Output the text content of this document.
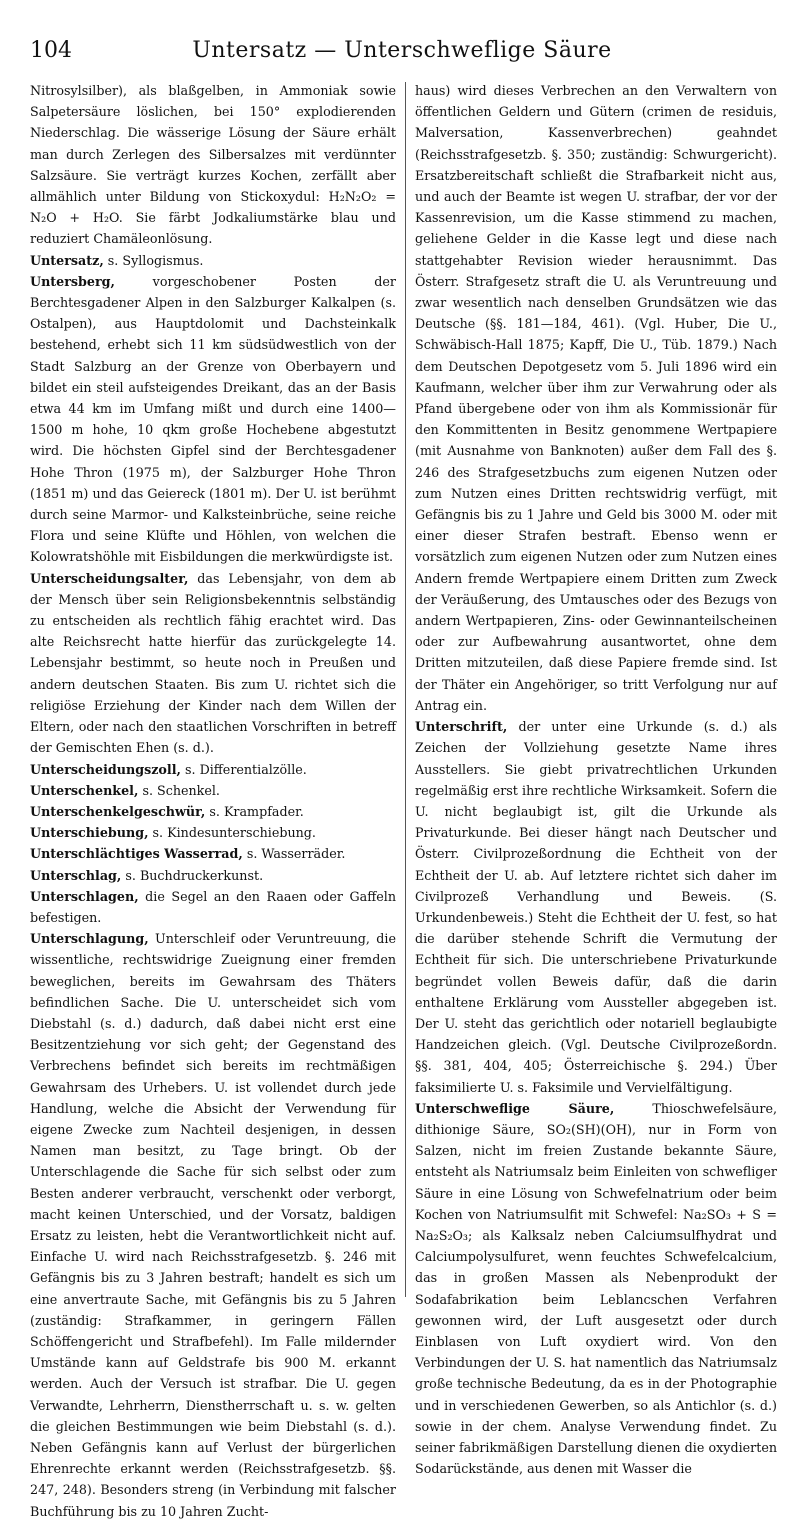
104	Untersatz — Unterschweflige Säure

Nitrosylsilber), als blaßgelben, in Ammoniak sowie Salpetersäure löslichen, bei 150° explodierenden Niederschlag. Die wässerige Lösung der Säure erhält man durch Zerlegen des Silbersalzes mit verdünnter Salzsäure. Sie verträgt kurzes Kochen, zerfällt aber allmählich unter Bildung von Stickoxydul: H₂N₂O₂ = N₂O + H₂O. Sie färbt Jodkaliumstärke blau und reduziert Chamäleonlösung.

Untersatz, s. Syllogismus.

Untersberg, vorgeschobener Posten der Berchtesgadener Alpen in den Salzburger Kalkalpen (s. Ostalpen), aus Hauptdolomit und Dachsteinkalk bestehend, erhebt sich 11 km südsüdwestlich von der Stadt Salzburg an der Grenze von Oberbayern und bildet ein steil aufsteigendes Dreikant, das an der Basis etwa 44 km im Umfang mißt und durch eine 1400—1500 m hohe, 10 qkm große Hochebene abgestutzt wird. Die höchsten Gipfel sind der Berchtesgadener Hohe Thron (1975 m), der Salzburger Hohe Thron (1851 m) und das Geiereck (1801 m). Der U. ist berühmt durch seine Marmor- und Kalksteinbrüche, seine reiche Flora und seine Klüfte und Höhlen, von welchen die Kolowratshöhle mit Eisbildungen die merkwürdigste ist.

Unterscheidungsalter, das Lebensjahr, von dem ab der Mensch über sein Religionsbekenntnis selbständig zu entscheiden als rechtlich fähig erachtet wird. Das alte Reichsrecht hatte hierfür das zurückgelegte 14. Lebensjahr bestimmt, so heute noch in Preußen und andern deutschen Staaten. Bis zum U. richtet sich die religiöse Erziehung der Kinder nach dem Willen der Eltern, oder nach den staatlichen Vorschriften in betreff der Gemischten Ehen (s. d.).

Unterscheidungszoll, s. Differentialzölle.

Unterschenkel, s. Schenkel.

Unterschenkelgeschwür, s. Krampfader.

Unterschiebung, s. Kindesunterschiebung.

Unterschlächtiges Wasserrad, s. Wasserräder.

Unterschlag, s. Buchdruckerkunst.

Unterschlagen, die Segel an den Raaen oder Gaffeln befestigen.

Unterschlagung, Unterschleif oder Veruntreuung, die wissentliche, rechtswidrige Zueignung einer fremden beweglichen, bereits im Gewahrsam des Thäters befindlichen Sache. Die U. unterscheidet sich vom Diebstahl (s. d.) dadurch, daß dabei nicht erst eine Besitzentziehung vor sich geht; der Gegenstand des Verbrechens befindet sich bereits im rechtmäßigen Gewahrsam des Urhebers. U. ist vollendet durch jede Handlung, welche die Absicht der Verwendung für eigene Zwecke zum Nachteil desjenigen, in dessen Namen man besitzt, zu Tage bringt. Ob der Unterschlagende die Sache für sich selbst oder zum Besten anderer verbraucht, verschenkt oder verborgt, macht keinen Unterschied, und der Vorsatz, baldigen Ersatz zu leisten, hebt die Verantwortlichkeit nicht auf. Einfache U. wird nach Reichsstrafgesetzb. §. 246 mit Gefängnis bis zu 3 Jahren bestraft; handelt es sich um eine anvertraute Sache, mit Gefängnis bis zu 5 Jahren (zuständig: Strafkammer, in geringern Fällen Schöffengericht und Strafbefehl). Im Falle mildernder Umstände kann auf Geldstrafe bis 900 M. erkannt werden. Auch der Versuch ist strafbar. Die U. gegen Verwandte, Lehrherrn, Dienstherrschaft u. s. w. gelten die gleichen Bestimmungen wie beim Diebstahl (s. d.). Neben Gefängnis kann auf Verlust der bürgerlichen Ehrenrechte erkannt werden (Reichsstrafgesetzb. §§. 247, 248). Besonders streng (in Verbindung mit falscher Buchführung bis zu 10 Jahren Zucht-

haus) wird dieses Verbrechen an den Verwaltern von öffentlichen Geldern und Gütern (crimen de residuis, Malversation, Kassenverbrechen) geahndet (Reichsstrafgesetzb. §. 350; zuständig: Schwurgericht). Ersatzbereitschaft schließt die Strafbarkeit nicht aus, und auch der Beamte ist wegen U. strafbar, der vor der Kassenrevision, um die Kasse stimmend zu machen, geliehene Gelder in die Kasse legt und diese nach stattgehabter Revision wieder herausnimmt. Das Österr. Strafgesetz straft die U. als Veruntreuung und zwar wesentlich nach denselben Grundsätzen wie das Deutsche (§§. 181—184, 461). (Vgl. Huber, Die U., Schwäbisch-Hall 1875; Kapff, Die U., Tüb. 1879.) Nach dem Deutschen Depotgesetz vom 5. Juli 1896 wird ein Kaufmann, welcher über ihm zur Verwahrung oder als Pfand übergebene oder von ihm als Kommissionär für den Kommittenten in Besitz genommene Wertpapiere (mit Ausnahme von Banknoten) außer dem Fall des §. 246 des Strafgesetzbuchs zum eigenen Nutzen oder zum Nutzen eines Dritten rechtswidrig verfügt, mit Gefängnis bis zu 1 Jahre und Geld bis 3000 M. oder mit einer dieser Strafen bestraft. Ebenso wenn er vorsätzlich zum eigenen Nutzen oder zum Nutzen eines Andern fremde Wertpapiere einem Dritten zum Zweck der Veräußerung, des Umtausches oder des Bezugs von andern Wertpapieren, Zins- oder Gewinnanteilscheinen oder zur Aufbewahrung ausantwortet, ohne dem Dritten mitzuteilen, daß diese Papiere fremde sind. Ist der Thäter ein Angehöriger, so tritt Verfolgung nur auf Antrag ein.

Unterschrift, der unter eine Urkunde (s. d.) als Zeichen der Vollziehung gesetzte Name ihres Ausstellers. Sie giebt privatrechtlichen Urkunden regelmäßig erst ihre rechtliche Wirksamkeit. Sofern die U. nicht beglaubigt ist, gilt die Urkunde als Privaturkunde. Bei dieser hängt nach Deutscher und Österr. Civilprozeßordnung die Echtheit von der Echtheit der U. ab. Auf letztere richtet sich daher im Civilprozeß Verhandlung und Beweis. (S. Urkundenbeweis.) Steht die Echtheit der U. fest, so hat die darüber stehende Schrift die Vermutung der Echtheit für sich. Die unterschriebene Privaturkunde begründet vollen Beweis dafür, daß die darin enthaltene Erklärung vom Aussteller abgegeben ist. Der U. steht das gerichtlich oder notariell beglaubigte Handzeichen gleich. (Vgl. Deutsche Civilprozeßordn. §§. 381, 404, 405; Österreichische §. 294.) Über faksimilierte U. s. Faksimile und Vervielfältigung.

Unterschweflige Säure, Thioschwefelsäure, dithionige Säure, SO₂(SH)(OH), nur in Form von Salzen, nicht im freien Zustande bekannte Säure, entsteht als Natriumsalz beim Einleiten von schwefliger Säure in eine Lösung von Schwefelnatrium oder beim Kochen von Natriumsulfit mit Schwefel: Na₂SO₃ + S = Na₂S₂O₃; als Kalksalz neben Calciumsulfhydrat und Calciumpolysulfuret, wenn feuchtes Schwefelcalcium, das in großen Massen als Nebenprodukt der Sodafabrikation beim Leblancschen Verfahren gewonnen wird, der Luft ausgesetzt oder durch Einblasen von Luft oxydiert wird. Von den Verbindungen der U. S. hat namentlich das Natriumsalz große technische Bedeutung, da es in der Photographie und in verschiedenen Gewerben, so als Antichlor (s. d.) sowie in der chem. Analyse Verwendung findet. Zu seiner fabrikmäßigen Darstellung dienen die oxydierten Sodarückstände, aus denen mit Wasser die
